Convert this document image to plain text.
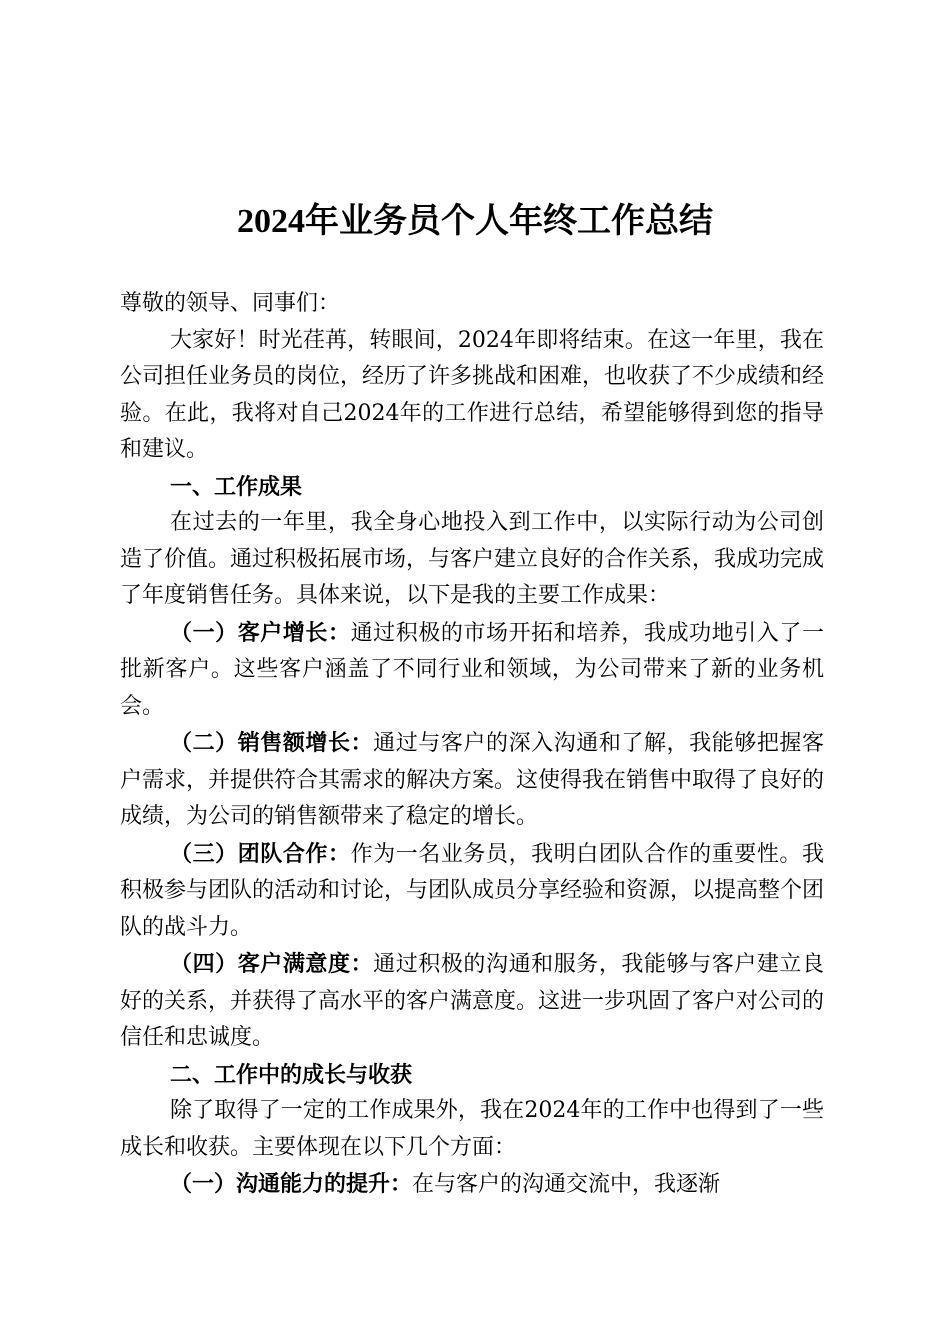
2024年业务员个人年终工作总结

尊敬的领导、同事们：

大家好！时光荏苒，转眼间，2024年即将结束。在这一年里，我在公司担任业务员的岗位，经历了许多挑战和困难，也收获了不少成绩和经验。在此，我将对自己2024年的工作进行总结，希望能够得到您的指导和建议。

一、工作成果

在过去的一年里，我全身心地投入到工作中，以实际行动为公司创造了价值。通过积极拓展市场，与客户建立良好的合作关系，我成功完成了年度销售任务。具体来说，以下是我的主要工作成果：

（一）客户增长：通过积极的市场开拓和培养，我成功地引入了一批新客户。这些客户涵盖了不同行业和领域，为公司带来了新的业务机会。

（二）销售额增长：通过与客户的深入沟通和了解，我能够把握客户需求，并提供符合其需求的解决方案。这使得我在销售中取得了良好的成绩，为公司的销售额带来了稳定的增长。

（三）团队合作：作为一名业务员，我明白团队合作的重要性。我积极参与团队的活动和讨论，与团队成员分享经验和资源，以提高整个团队的战斗力。

（四）客户满意度：通过积极的沟通和服务，我能够与客户建立良好的关系，并获得了高水平的客户满意度。这进一步巩固了客户对公司的信任和忠诚度。

二、工作中的成长与收获

除了取得了一定的工作成果外，我在2024年的工作中也得到了一些成长和收获。主要体现在以下几个方面：

（一）沟通能力的提升：在与客户的沟通交流中，我逐渐
